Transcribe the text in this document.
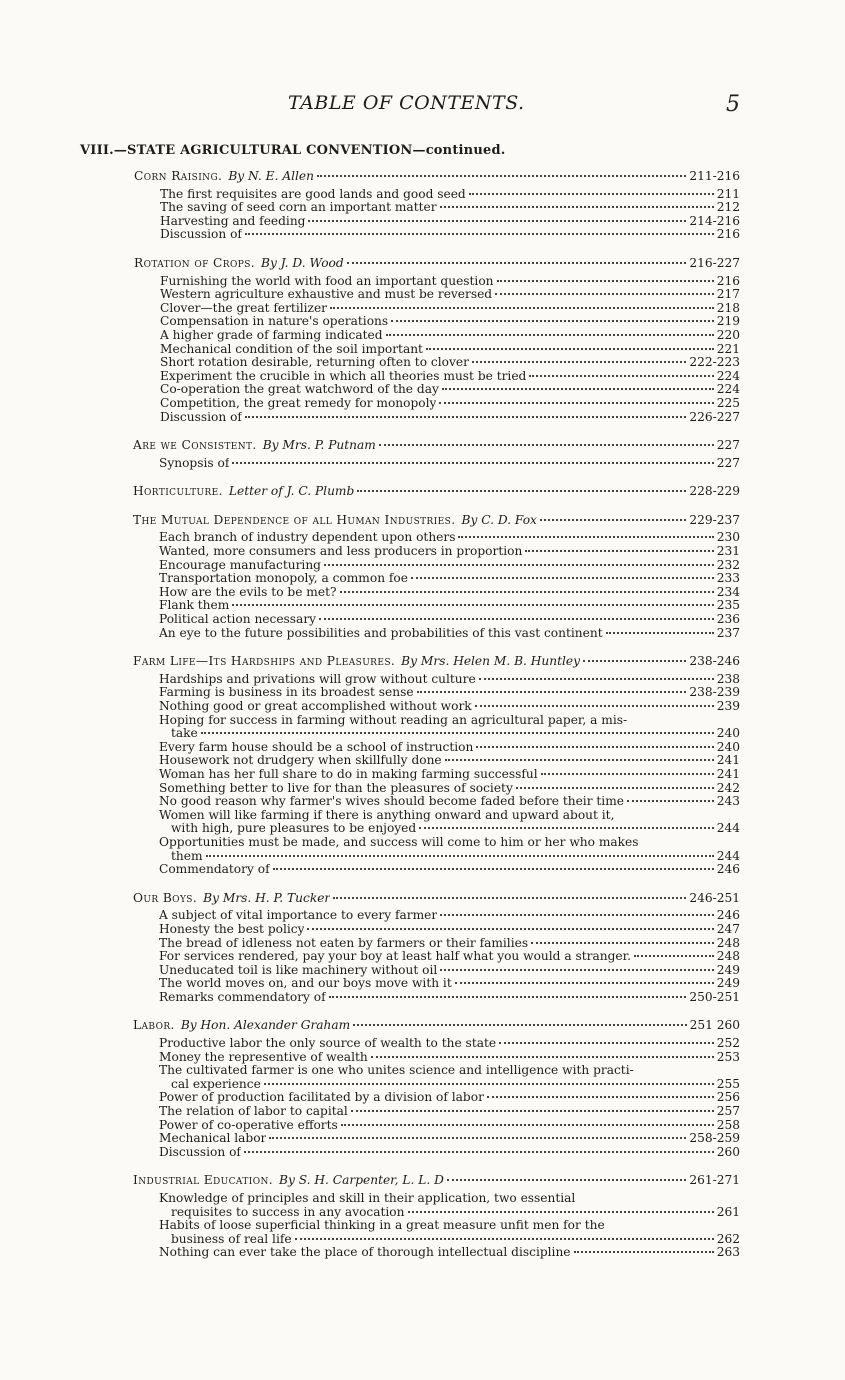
TABLE OF CONTENTS.	5
VIII.—STATE AGRICULTURAL CONVENTION—continued.
Corn Raising. By N. E. Allen	211-216
The first requisites are good lands and good seed	211
The saving of seed corn an important matter	212
Harvesting and feeding	214-216
Discussion of	216
Rotation of Crops. By J. D. Wood	216-227
Furnishing the world with food an important question	216
Western agriculture exhaustive and must be reversed	217
Clover—the great fertilizer	218
Compensation in nature's operations	219
A higher grade of farming indicated	220
Mechanical condition of the soil important	221
Short rotation desirable, returning often to clover	222-223
Experiment the crucible in which all theories must be tried	224
Co-operation the great watchword of the day	224
Competition, the great remedy for monopoly	225
Discussion of	226-227
Are we Consistent. By Mrs. P. Putnam	227
Synopsis of	227
Horticulture. Letter of J. C. Plumb	228-229
The Mutual Dependence of all Human Industries. By C. D. Fox	229-237
Each branch of industry dependent upon others	230
Wanted, more consumers and less producers in proportion	231
Encourage manufacturing	232
Transportation monopoly, a common foe	233
How are the evils to be met?	234
Flank them	235
Political action necessary	236
An eye to the future possibilities and probabilities of this vast continent	237
Farm Life—Its Hardships and Pleasures. By Mrs. Helen M. B. Huntley	238-246
Hardships and privations will grow without culture	238
Farming is business in its broadest sense	238-239
Nothing good or great accomplished without work	239
Hoping for success in farming without reading an agricultural paper, a mis-
take	240
Every farm house should be a school of instruction	240
Housework not drudgery when skillfully done	241
Woman has her full share to do in making farming successful	241
Something better to live for than the pleasures of society	242
No good reason why farmer's wives should become faded before their time	243
Women will like farming if there is anything onward and upward about it,
with high, pure pleasures to be enjoyed	244
Opportunities must be made, and success will come to him or her who makes
them	244
Commendatory of	246
Our Boys. By Mrs. H. P. Tucker	246-251
A subject of vital importance to every farmer	246
Honesty the best policy	247
The bread of idleness not eaten by farmers or their families	248
For services rendered, pay your boy at least half what you would a stranger.	248
Uneducated toil is like machinery without oil	249
The world moves on, and our boys move with it	249
Remarks commendatory of	250-251
Labor. By Hon. Alexander Graham	251 260
Productive labor the only source of wealth to the state	252
Money the representive of wealth	253
The cultivated farmer is one who unites science and intelligence with practi-
cal experience	255
Power of production facilitated by a division of labor	256
The relation of labor to capital	257
Power of co-operative efforts	258
Mechanical labor	258-259
Discussion of	260
Industrial Education. By S. H. Carpenter, L. L. D	261-271
Knowledge of principles and skill in their application, two essential
requisites to success in any avocation	261
Habits of loose superficial thinking in a great measure unfit men for the
business of real life	262
Nothing can ever take the place of thorough intellectual discipline	263
